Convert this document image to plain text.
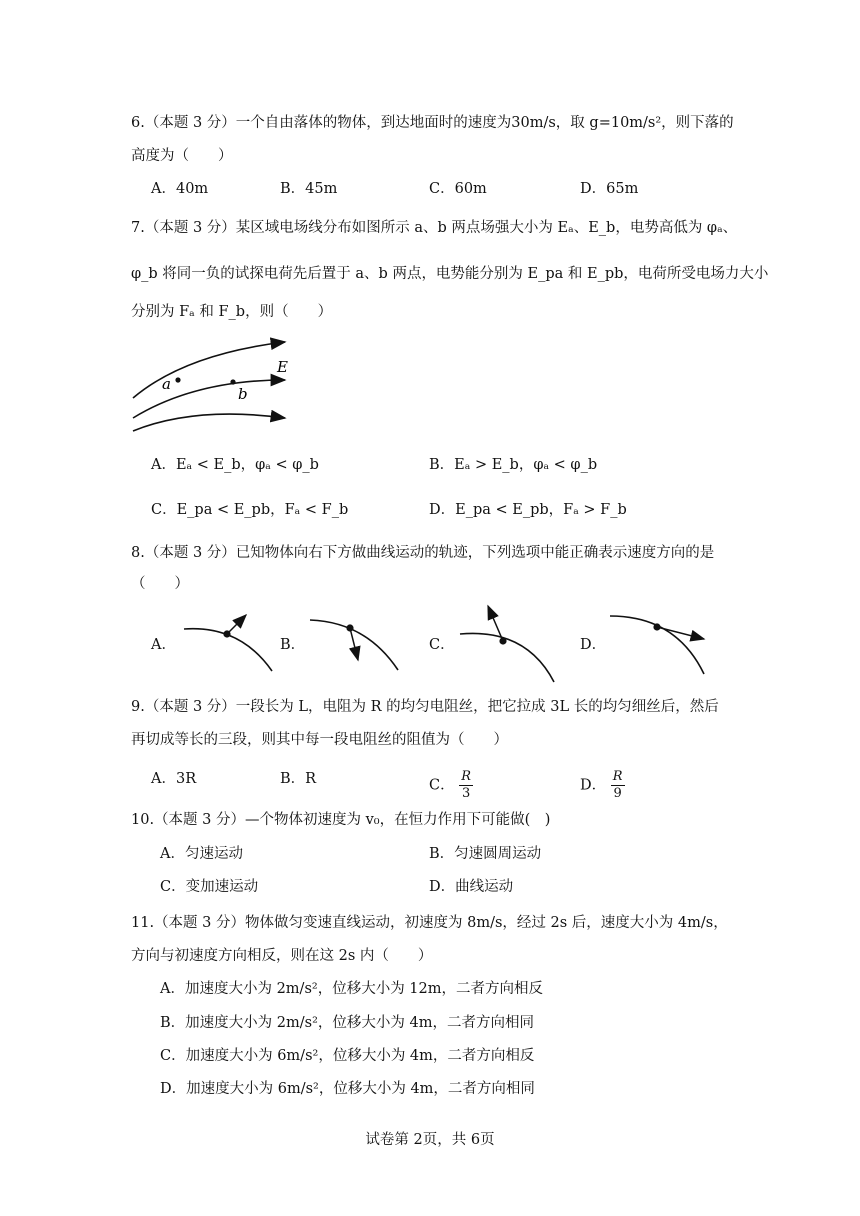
6.（本题 3 分）一个自由落体的物体，到达地面时的速度为30m/s，取 g=10m/s²，则下落的
高度为（　　）
A．40m	B．45m	C．60m	D．65m
7.（本题 3 分）某区域电场线分布如图所示 a、b 两点场强大小为 Eₐ、E_b，电势高低为 φₐ、
φ_b 将同一负的试探电荷先后置于 a、b 两点，电势能分别为 E_pa 和 E_pb，电荷所受电场力大小
分别为 Fₐ 和 F_b，则（　　）
E
a
b
A．Eₐ < E_b，φₐ < φ_b	B．Eₐ > E_b，φₐ < φ_b
C．E_pa < E_pb，Fₐ < F_b	D．E_pa < E_pb，Fₐ > F_b
8.（本题 3 分）已知物体向右下方做曲线运动的轨迹，下列选项中能正确表示速度方向的是
（　　）
A．	B．	C．	D．
9.（本题 3 分）一段长为 L，电阻为 R 的均匀电阻丝，把它拉成 3L 长的均匀细丝后，然后
再切成等长的三段，则其中每一段电阻丝的阻值为（　　）
A．3R	B．R	C． $\frac{R}{3}$	D． $\frac{R}{9}$
10.（本题 3 分）—个物体初速度为 v₀，在恒力作用下可能做(　)
A．匀速运动	B．匀速圆周运动
C．变加速运动	D．曲线运动
11.（本题 3 分）物体做匀变速直线运动，初速度为 8m/s，经过 2s 后，速度大小为 4m/s，
方向与初速度方向相反，则在这 2s 内（　　）
A．加速度大小为 2m/s²，位移大小为 12m，二者方向相反
B．加速度大小为 2m/s²，位移大小为 4m，二者方向相同
C．加速度大小为 6m/s²，位移大小为 4m，二者方向相反
D．加速度大小为 6m/s²，位移大小为 4m，二者方向相同
试卷第 2页，共 6页
